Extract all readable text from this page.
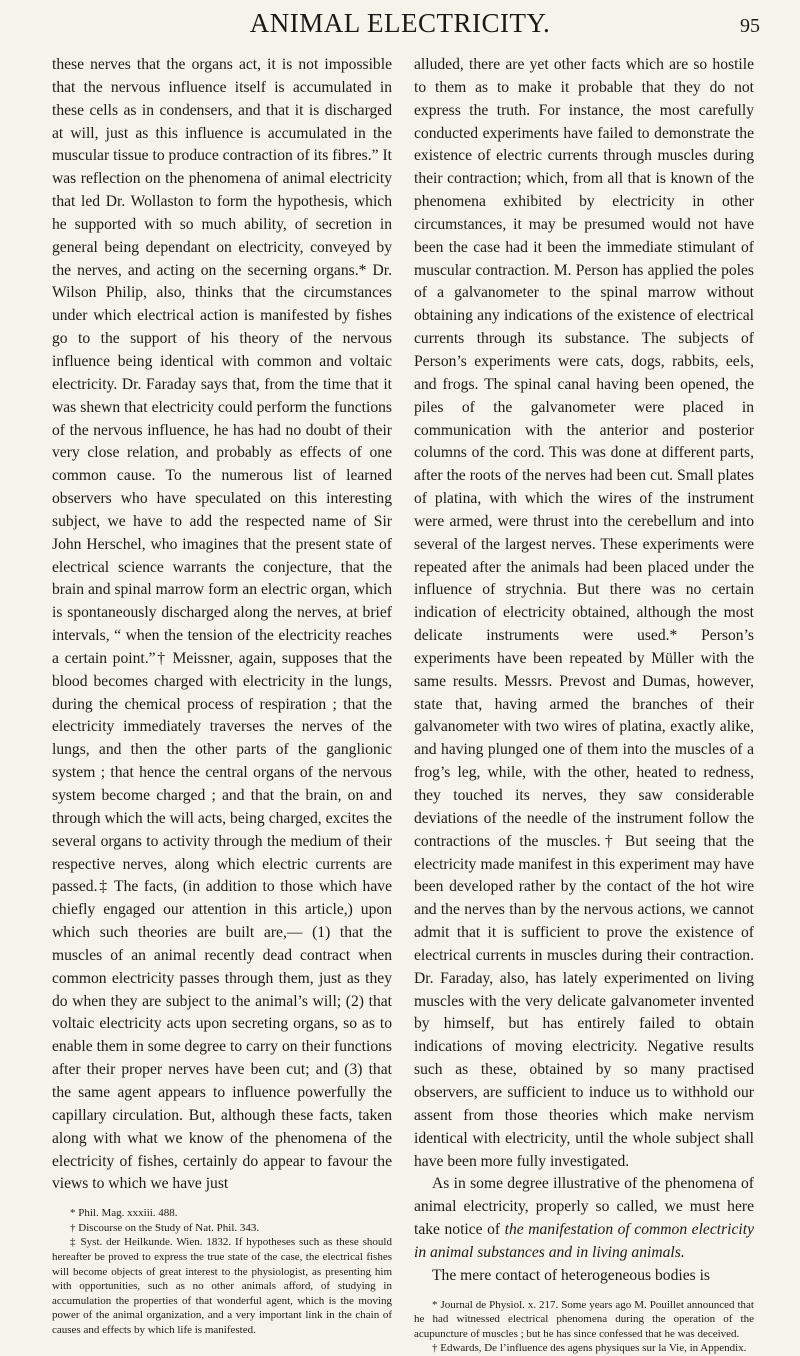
ANIMAL ELECTRICITY.	95

these nerves that the organs act, it is not impossible that the nervous influence itself is accumulated in these cells as in condensers, and that it is discharged at will, just as this influence is accumulated in the muscular tissue to produce contraction of its fibres.” It was reflection on the phenomena of animal electricity that led Dr. Wollaston to form the hypothesis, which he supported with so much ability, of secretion in general being dependant on electricity, conveyed by the nerves, and acting on the secerning organs.* Dr. Wilson Philip, also, thinks that the circumstances under which electrical action is manifested by fishes go to the support of his theory of the nervous influence being identical with common and voltaic electricity. Dr. Faraday says that, from the time that it was shewn that electricity could perform the functions of the nervous influence, he has had no doubt of their very close relation, and probably as effects of one common cause. To the numerous list of learned observers who have speculated on this interesting subject, we have to add the respected name of Sir John Herschel, who imagines that the present state of electrical science warrants the conjecture, that the brain and spinal marrow form an electric organ, which is spontaneously discharged along the nerves, at brief intervals, “ when the tension of the electricity reaches a certain point.”† Meissner, again, supposes that the blood becomes charged with electricity in the lungs, during the chemical process of respiration ; that the electricity immediately traverses the nerves of the lungs, and then the other parts of the ganglionic system ; that hence the central organs of the nervous system become charged ; and that the brain, on and through which the will acts, being charged, excites the several organs to activity through the medium of their respective nerves, along which electric currents are passed.‡ The facts, (in addition to those which have chiefly engaged our attention in this article,) upon which such theories are built are,— (1) that the muscles of an animal recently dead contract when common electricity passes through them, just as they do when they are subject to the animal’s will; (2) that voltaic electricity acts upon secreting organs, so as to enable them in some degree to carry on their functions after their proper nerves have been cut; and (3) that the same agent appears to influence powerfully the capillary circulation. But, although these facts, taken along with what we know of the phenomena of the electricity of fishes, certainly do appear to favour the views to which we have just

* Phil. Mag. xxxiii. 488.

† Discourse on the Study of Nat. Phil. 343.

‡ Syst. der Heilkunde. Wien. 1832. If hypotheses such as these should hereafter be proved to express the true state of the case, the electrical fishes will become objects of great interest to the physiologist, as presenting him with opportunities, such as no other animals afford, of studying in accumulation the properties of that wonderful agent, which is the moving power of the animal organization, and a very important link in the chain of causes and effects by which life is manifested.

alluded, there are yet other facts which are so hostile to them as to make it probable that they do not express the truth. For instance, the most carefully conducted experiments have failed to demonstrate the existence of electric currents through muscles during their contraction; which, from all that is known of the phenomena exhibited by electricity in other circumstances, it may be presumed would not have been the case had it been the immediate stimulant of muscular contraction. M. Person has applied the poles of a galvanometer to the spinal marrow without obtaining any indications of the existence of electrical currents through its substance. The subjects of Person’s experiments were cats, dogs, rabbits, eels, and frogs. The spinal canal having been opened, the piles of the galvanometer were placed in communication with the anterior and posterior columns of the cord. This was done at different parts, after the roots of the nerves had been cut. Small plates of platina, with which the wires of the instrument were armed, were thrust into the cerebellum and into several of the largest nerves. These experiments were repeated after the animals had been placed under the influence of strychnia. But there was no certain indication of electricity obtained, although the most delicate instruments were used.* Person’s experiments have been repeated by Müller with the same results. Messrs. Prevost and Dumas, however, state that, having armed the branches of their galvanometer with two wires of platina, exactly alike, and having plunged one of them into the muscles of a frog’s leg, while, with the other, heated to redness, they touched its nerves, they saw considerable deviations of the needle of the instrument follow the contractions of the muscles.† But seeing that the electricity made manifest in this experiment may have been developed rather by the contact of the hot wire and the nerves than by the nervous actions, we cannot admit that it is sufficient to prove the existence of electrical currents in muscles during their contraction. Dr. Faraday, also, has lately experimented on living muscles with the very delicate galvanometer invented by himself, but has entirely failed to obtain indications of moving electricity. Negative results such as these, obtained by so many practised observers, are sufficient to induce us to withhold our assent from those theories which make nervism identical with electricity, until the whole subject shall have been more fully investigated.

As in some degree illustrative of the phenomena of animal electricity, properly so called, we must here take notice of the manifestation of common electricity in animal substances and in living animals.

The mere contact of heterogeneous bodies is

* Journal de Physiol. x. 217. Some years ago M. Pouillet announced that he had witnessed electrical phenomena during the operation of the acupuncture of muscles ; but he has since confessed that he was deceived.

† Edwards, De l’influence des agens physiques sur la Vie, in Appendix.
